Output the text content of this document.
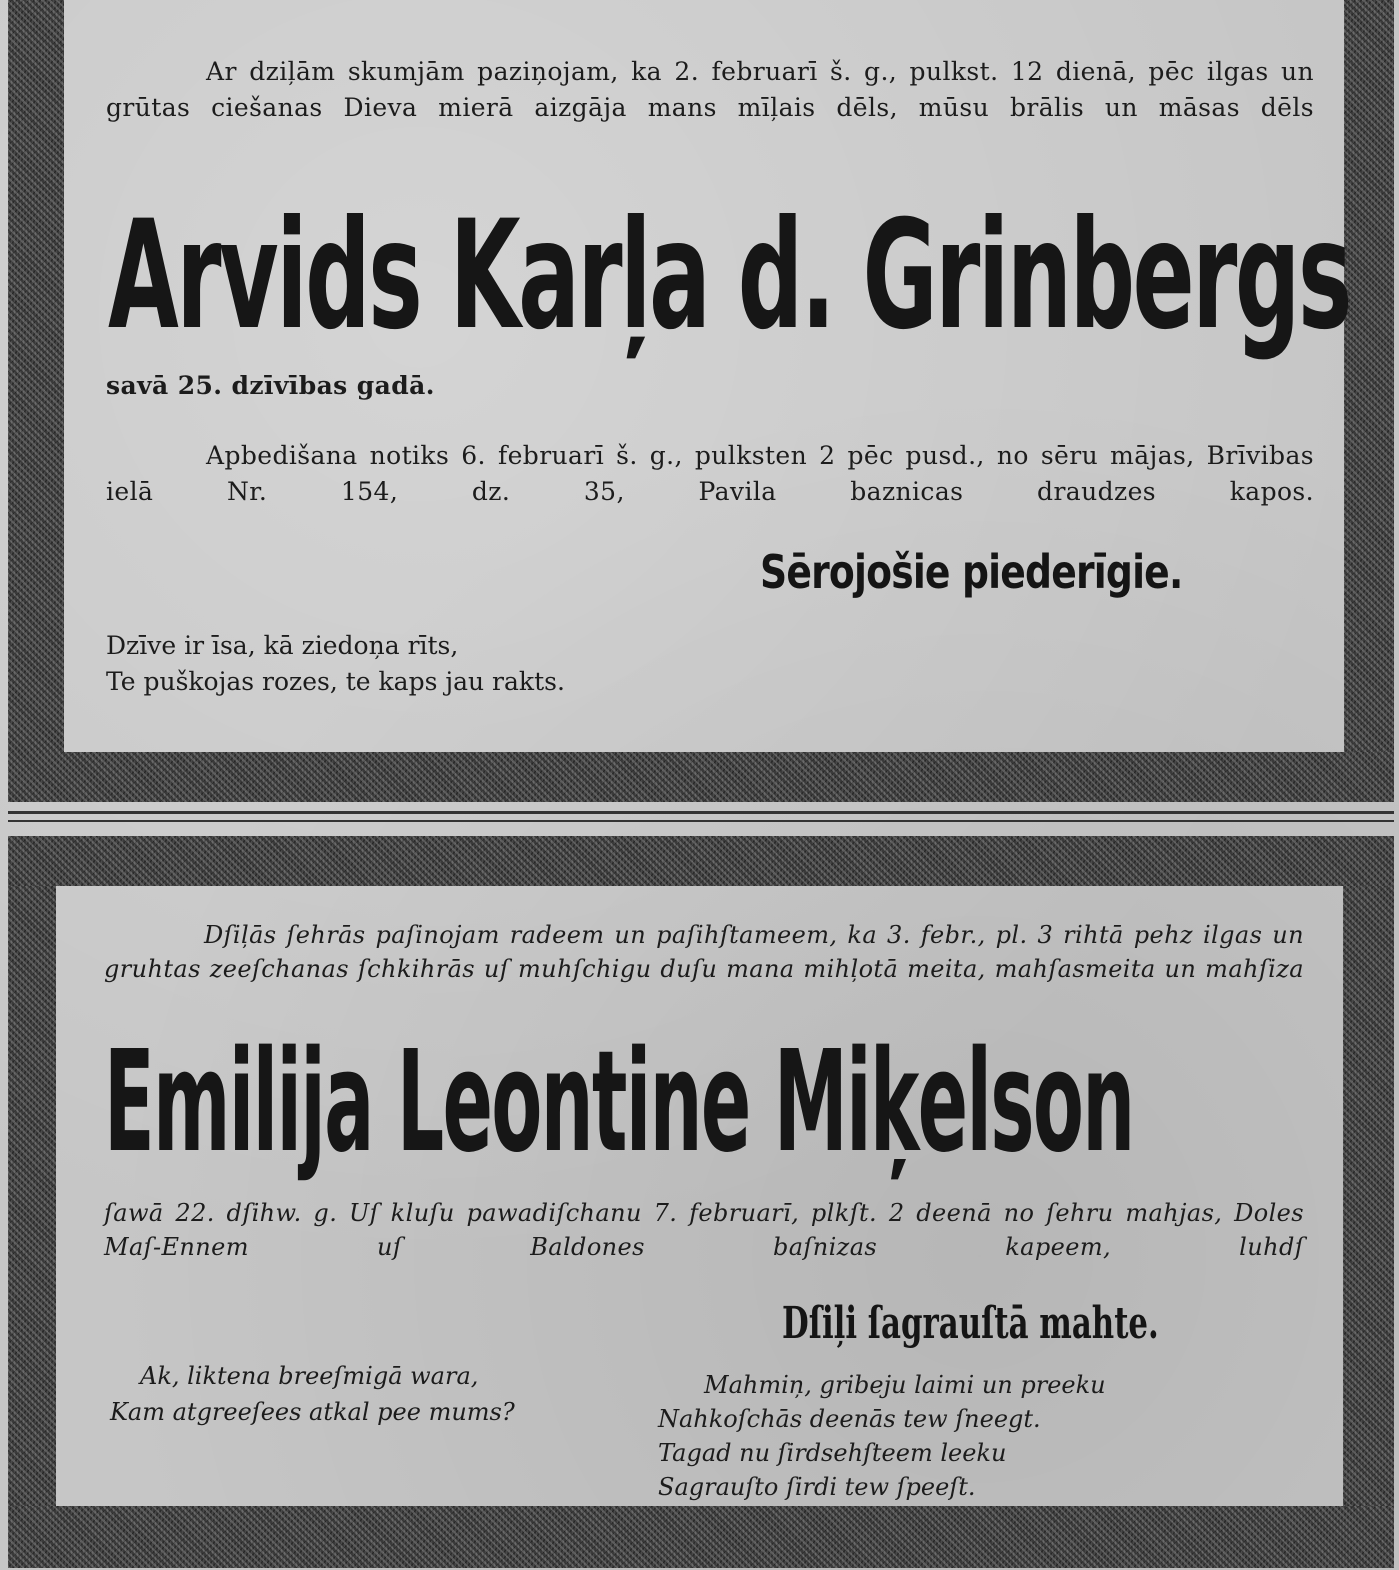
Ar dziļām skumjām paziņojam, ka 2. februarī š. g., pulkst. 12 dienā, pēc ilgas un grūtas ciešanas Dieva mierā aizgāja mans mīļais dēls, mūsu brālis un māsas dēls
Arvids Karļa d. Grinbergs
savā 25. dzīvības gadā.
Apbedišana notiks 6. februarī š. g., pulksten 2 pēc pusd., no sēru mājas, Brīvibas ielā Nr. 154, dz. 35, Pavila baznicas draudzes kapos.
Sērojošie piederīgie.
Dzīve ir īsa, kā ziedoņa rīts,
Te puškojas rozes, te kaps jau rakts.
Dſiļās ſehrās paſinojam radeem un paſihſtameem, ka 3. febr., pl. 3 rihtā pehz ilgas un gruhtas zeeſchanas ſchkihrās uſ muhſchigu duſu mana mihļotā meita, mahſasmeita un mahſiza
Emilija Leontine Miķelson
ſawā 22. dſihw. g. Uſ kluſu pawadiſchanu 7. februarī, plkſt. 2 deenā no ſehru mahjas, Doles Maſ-Ennem uſ Baldones baſnizas kapeem, luhdſ
Dſiļi ſagrauſtā mahte.
Ak, liktena breeſmigā wara,
Kam atgreeſees atkal pee mums?
Mahmiņ, gribeju laimi un preeku
Nahkoſchās deenās tew ſneegt.
Tagad nu ſirdsehſteem leeku
Sagrauſto ſirdi tew ſpeeſt.
